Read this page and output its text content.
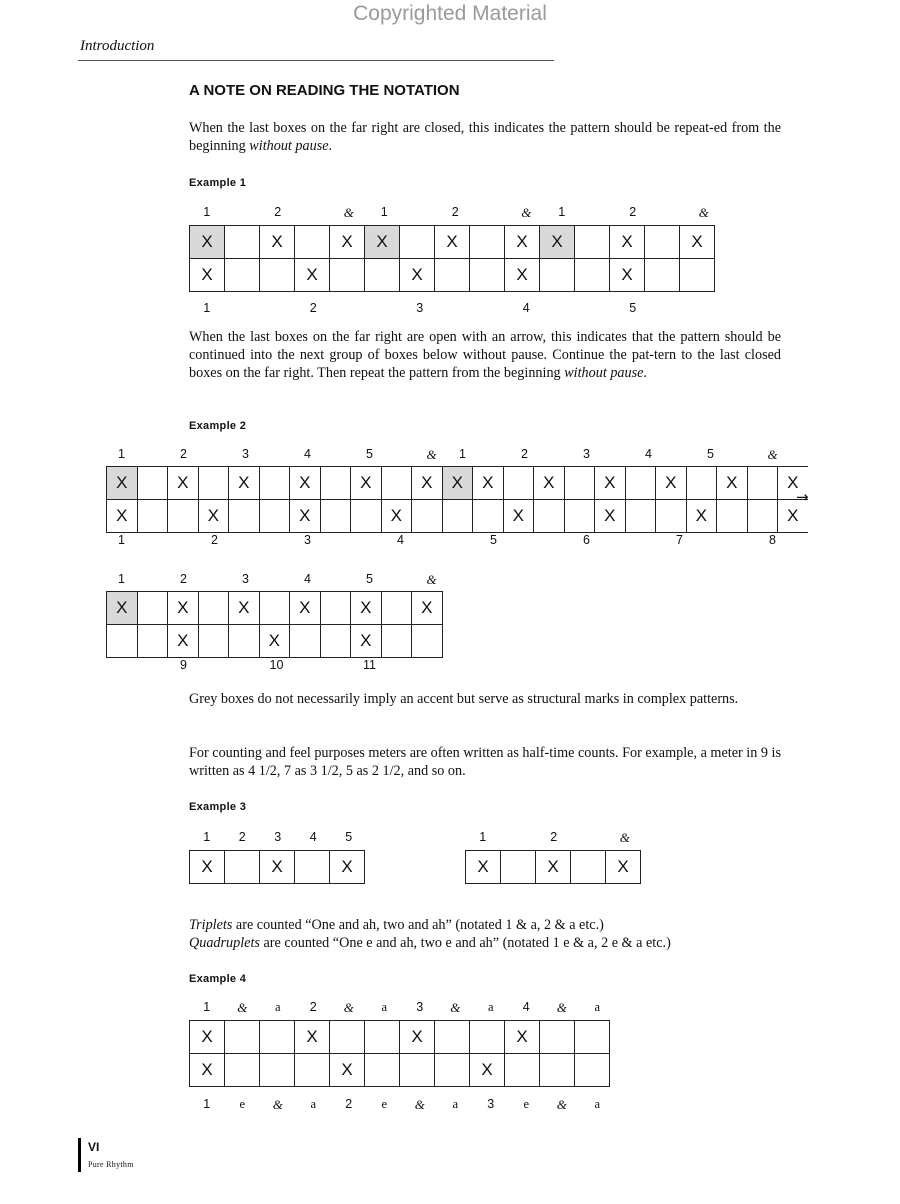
Copyrighted Material
Introduction
A NOTE ON READING THE NOTATION
When the last boxes on the far right are closed, this indicates the pattern should be repeat-ed from the beginning without pause.
Example 1
X		X		X	X		X		X	X		X		X
X			X			X			X			X		
1	2	&	1	2	&	1	2	&
1	2	3	4	5
When the last boxes on the far right are open with an arrow, this indicates that the pattern should be continued into the next group of boxes below without pause. Continue the pat-tern to the last closed boxes on the far right. Then repeat the pattern from the beginning without pause.
Example 2
X		X		X		X		X		X	X	X		X		X		X		X		X
X			X			X			X				X			X			X			X
1	2	3	4	5	&	1	2	3	4	5	&
1	2	3	4	5	6	7	8
→
X		X		X		X		X		X
		X			X			X		
1	2	3	4	5	&
9	10	11
Grey boxes do not necessarily imply an accent but serve as structural marks in complex patterns.
For counting and feel purposes meters are often written as half-time counts. For example, a meter in 9 is written as 4 1/2, 7 as 3 1/2, 5 as 2 1/2, and so on.
Example 3
X		X		X
1	2	3	4	5
X		X		X
1	2	&
Triplets are counted “One and ah, two and ah” (notated 1 & a, 2 & a etc.)
Quadruplets are counted “One e and ah, two e and ah” (notated 1 e & a, 2 e & a etc.)
Example 4
X			X			X			X		
X				X				X			
1	&	a	2	&	a	3	&	a	4	&	a
1	e	&	a	2	e	&	a	3	e	&	a
VI
Pure Rhythm
